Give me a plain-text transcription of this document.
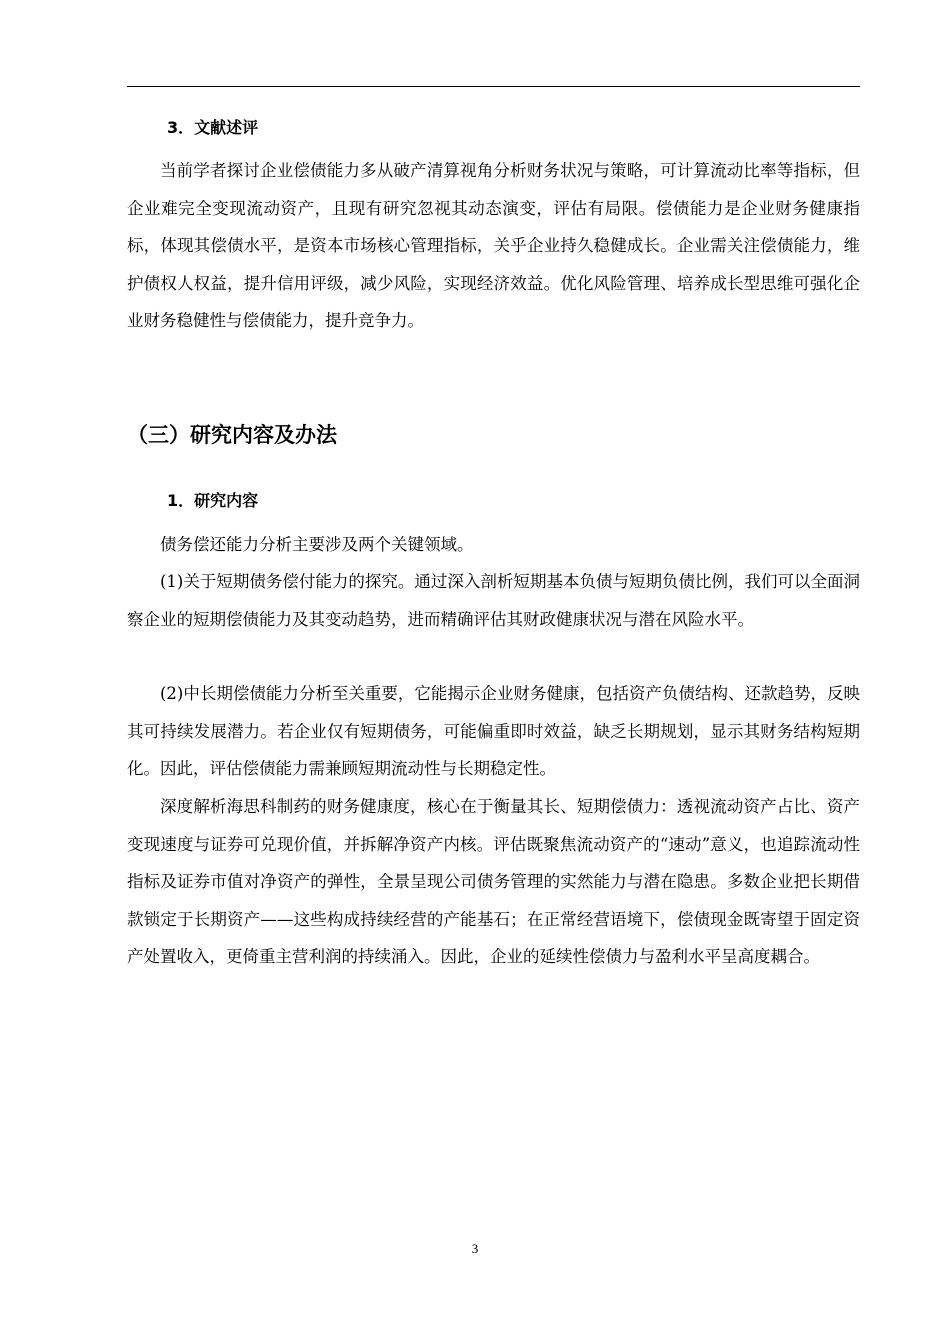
3．文献述评

当前学者探讨企业偿债能力多从破产清算视角分析财务状况与策略，可计算流动比率等指标，但企业难完全变现流动资产，且现有研究忽视其动态演变，评估有局限。偿债能力是企业财务健康指标，体现其偿债水平，是资本市场核心管理指标，关乎企业持久稳健成长。企业需关注偿债能力，维护债权人权益，提升信用评级，减少风险，实现经济效益。优化风险管理、培养成长型思维可强化企业财务稳健性与偿债能力，提升竞争力。

（三）研究内容及办法
1．研究内容

债务偿还能力分析主要涉及两个关键领域。

(1)关于短期债务偿付能力的探究。通过深入剖析短期基本负债与短期负债比例，我们可以全面洞察企业的短期偿债能力及其变动趋势，进而精确评估其财政健康状况与潜在风险水平。

(2)中长期偿债能力分析至关重要，它能揭示企业财务健康，包括资产负债结构、还款趋势，反映其可持续发展潜力。若企业仅有短期债务，可能偏重即时效益，缺乏长期规划，显示其财务结构短期化。因此，评估偿债能力需兼顾短期流动性与长期稳定性。

深度解析海思科制药的财务健康度，核心在于衡量其长、短期偿债力：透视流动资产占比、资产变现速度与证券可兑现价值，并拆解净资产内核。评估既聚焦流动资产的“速动”意义，也追踪流动性指标及证券市值对净资产的弹性，全景呈现公司债务管理的实然能力与潜在隐患。多数企业把长期借款锁定于长期资产——这些构成持续经营的产能基石；在正常经营语境下，偿债现金既寄望于固定资产处置收入，更倚重主营利润的持续涌入。因此，企业的延续性偿债力与盈利水平呈高度耦合。

3
